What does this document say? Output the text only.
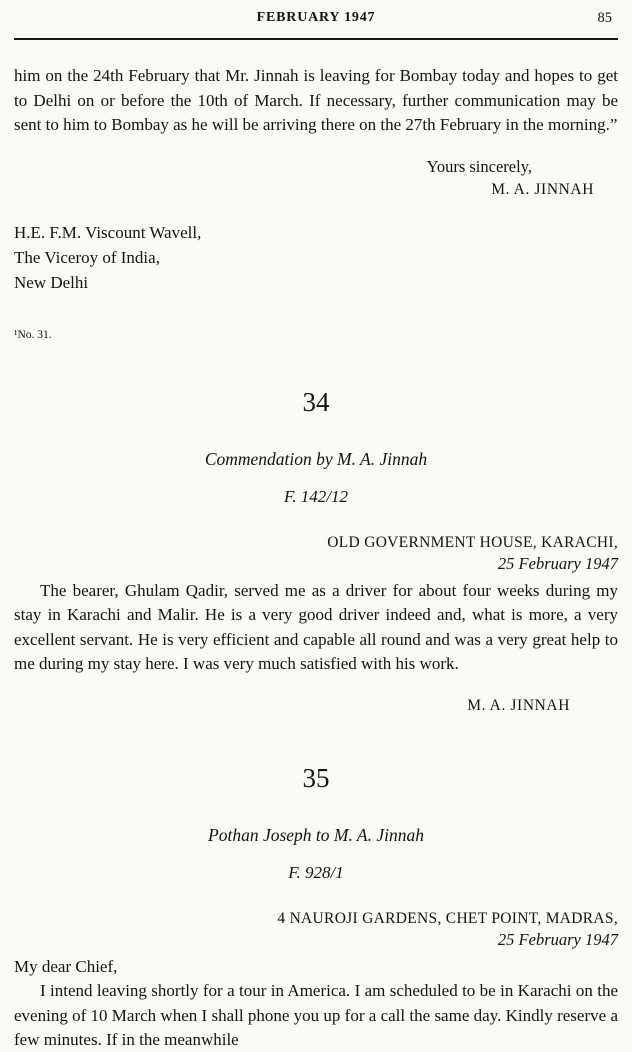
FEBRUARY 1947	85

him on the 24th February that Mr. Jinnah is leaving for Bombay today and hopes to get to Delhi on or before the 10th of March. If necessary, further communication may be sent to him to Bombay as he will be arriving there on the 27th February in the morning.”

Yours sincerely,
M. A. JINNAH
H.E. F.M. Viscount Wavell,
The Viceroy of India,
New Delhi
¹No. 31.
34
Commendation by M. A. Jinnah
F. 142/12
OLD GOVERNMENT HOUSE, KARACHI,
25 February 1947

The bearer, Ghulam Qadir, served me as a driver for about four weeks during my stay in Karachi and Malir. He is a very good driver indeed and, what is more, a very excellent servant. He is very efficient and capable all round and was a very great help to me during my stay here. I was very much satisfied with his work.

M. A. JINNAH
35
Pothan Joseph to M. A. Jinnah
F. 928/1
4 NAUROJI GARDENS, CHET POINT, MADRAS,
25 February 1947
My dear Chief,

I intend leaving shortly for a tour in America. I am scheduled to be in Karachi on the evening of 10 March when I shall phone you up for a call the same day. Kindly reserve a few minutes. If in the meanwhile
